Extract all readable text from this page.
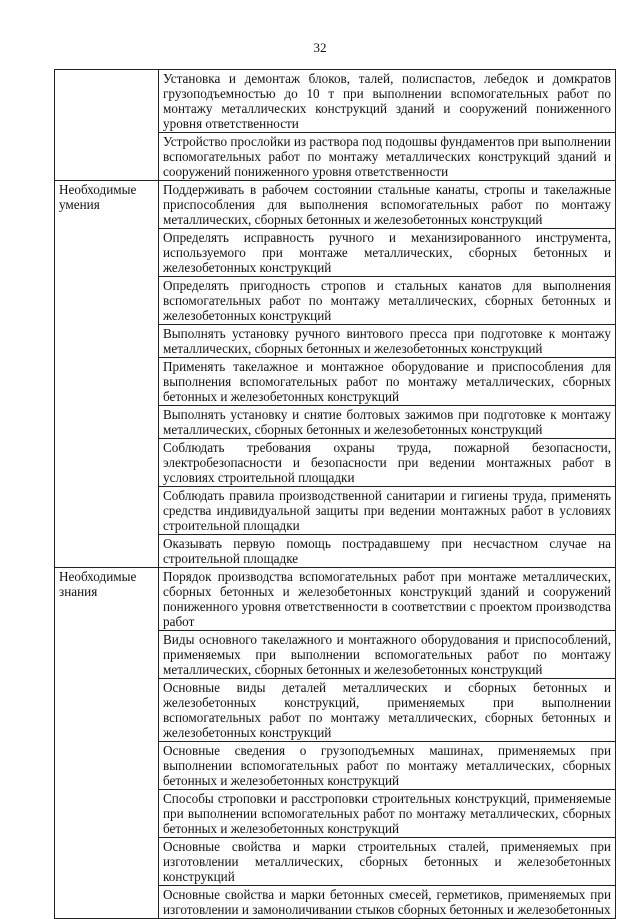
32
	Установка и демонтаж блоков, талей, полиспастов, лебедок и домкратов грузоподъемностью до 10 т при выполнении вспомогательных работ по монтажу металлических конструкций зданий и сооружений пониженного уровня ответственности
	Устройство прослойки из раствора под подошвы фундаментов при выполнении вспомогательных работ по монтажу металлических конструкций зданий и сооружений пониженного уровня ответственности
Необходимые умения	Поддерживать в рабочем состоянии стальные канаты, стропы и такелажные приспособления для выполнения вспомогательных работ по монтажу металлических, сборных бетонных и железобетонных конструкций
	Определять исправность ручного и механизированного инструмента, используемого при монтаже металлических, сборных бетонных и железобетонных конструкций
	Определять пригодность стропов и стальных канатов для выполнения вспомогательных работ по монтажу металлических, сборных бетонных и железобетонных конструкций
	Выполнять установку ручного винтового пресса при подготовке к монтажу металлических, сборных бетонных и железобетонных конструкций
	Применять такелажное и монтажное оборудование и приспособления для выполнения вспомогательных работ по монтажу металлических, сборных бетонных и железобетонных конструкций
	Выполнять установку и снятие болтовых зажимов при подготовке к монтажу металлических, сборных бетонных и железобетонных конструкций
	Соблюдать требования охраны труда, пожарной безопасности, электробезопасности и безопасности при ведении монтажных работ в условиях строительной площадки
	Соблюдать правила производственной санитарии и гигиены труда, применять средства индивидуальной защиты при ведении монтажных работ в условиях строительной площадки
	Оказывать первую помощь пострадавшему при несчастном случае на строительной площадке
Необходимые знания	Порядок производства вспомогательных работ при монтаже металлических, сборных бетонных и железобетонных конструкций зданий и сооружений пониженного уровня ответственности в соответствии с проектом производства работ
	Виды основного такелажного и монтажного оборудования и приспособлений, применяемых при выполнении вспомогательных работ по монтажу металлических, сборных бетонных и железобетонных конструкций
	Основные виды деталей металлических и сборных бетонных и железобетонных конструкций, применяемых при выполнении вспомогательных работ по монтажу металлических, сборных бетонных и железобетонных конструкций
	Основные сведения о грузоподъемных машинах, применяемых при выполнении вспомогательных работ по монтажу металлических, сборных бетонных и железобетонных конструкций
	Способы строповки и расстроповки строительных конструкций, применяемые при выполнении вспомогательных работ по монтажу металлических, сборных бетонных и железобетонных конструкций
	Основные свойства и марки строительных сталей, применяемых при изготовлении металлических, сборных бетонных и железобетонных конструкций
	Основные свойства и марки бетонных смесей, герметиков, применяемых при изготовлении и замоноличивании стыков сборных бетонных и железобетонных
